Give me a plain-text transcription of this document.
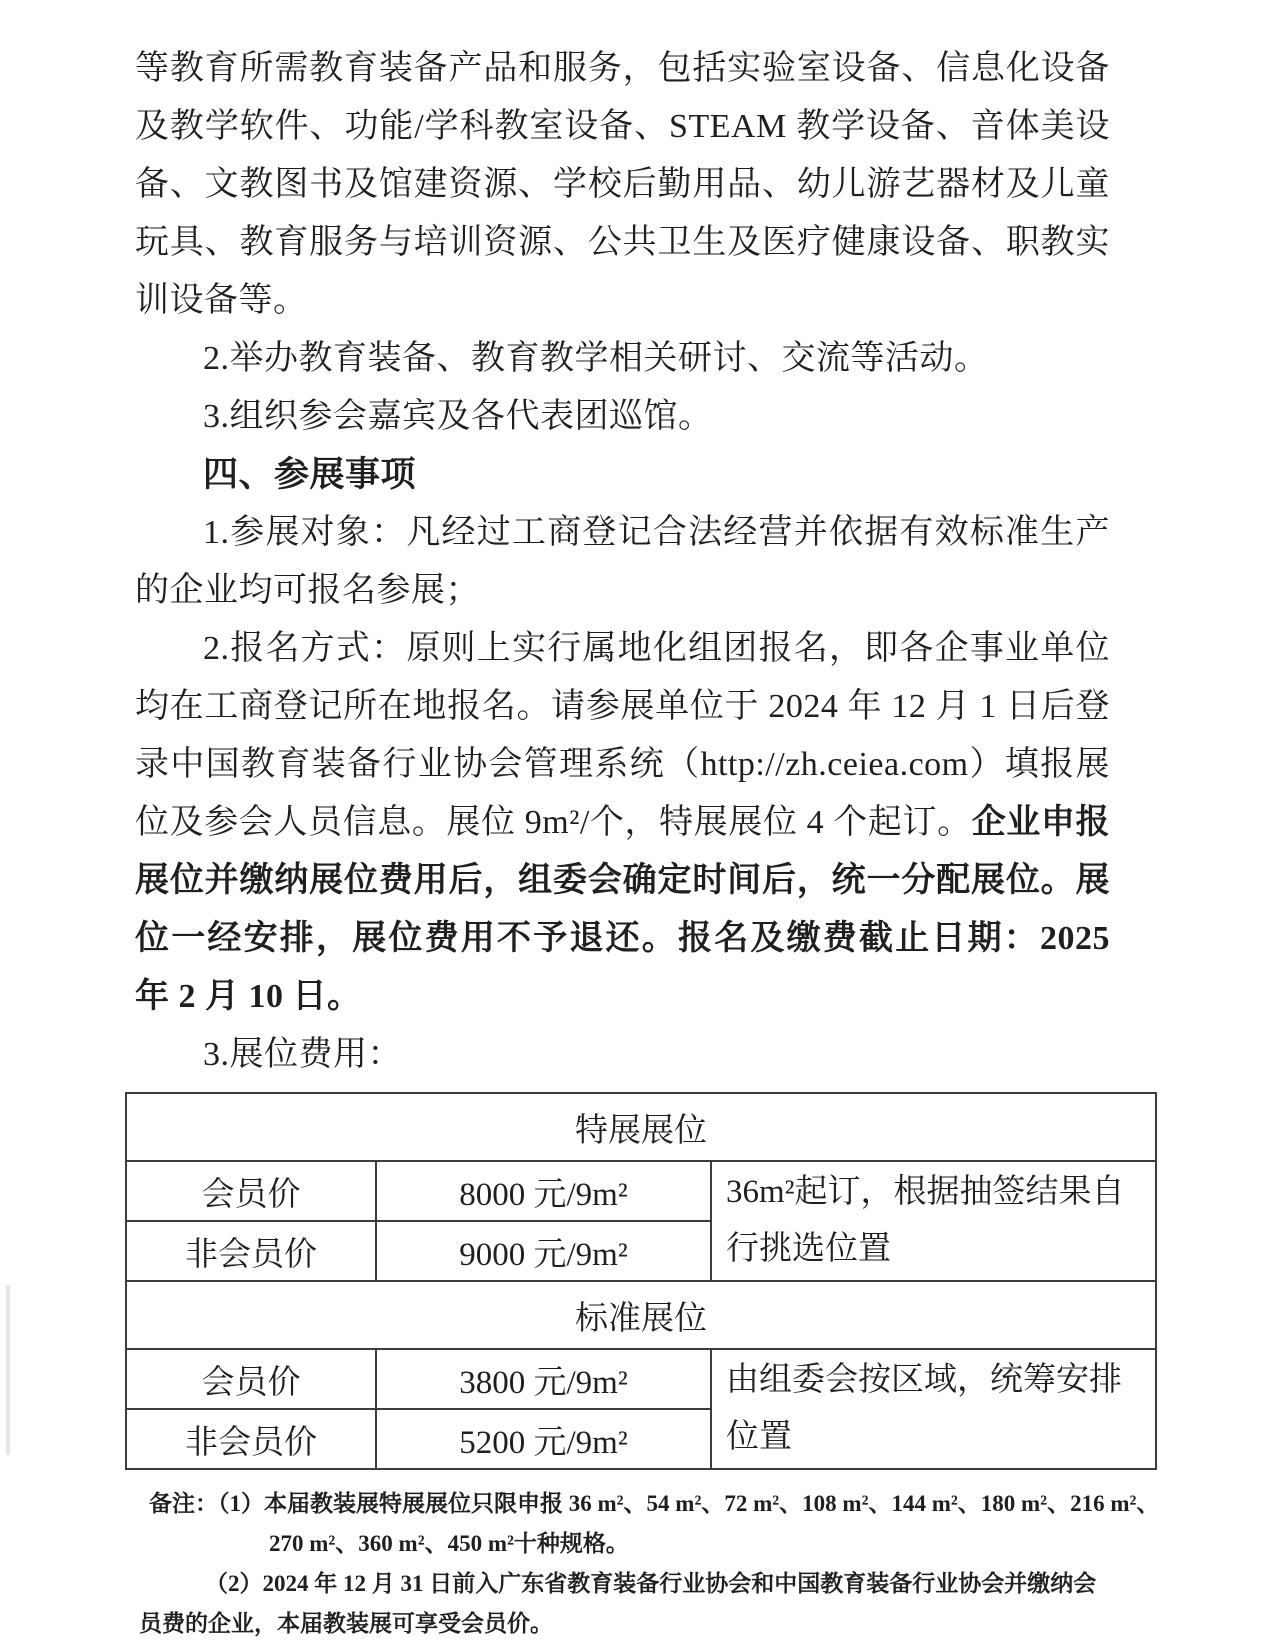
等教育所需教育装备产品和服务，包括实验室设备、信息化设备及教学软件、功能/学科教室设备、STEAM 教学设备、音体美设备、文教图书及馆建资源、学校后勤用品、幼儿游艺器材及儿童玩具、教育服务与培训资源、公共卫生及医疗健康设备、职教实训设备等。

2.举办教育装备、教育教学相关研讨、交流等活动。

3.组织参会嘉宾及各代表团巡馆。

四、参展事项

1.参展对象：凡经过工商登记合法经营并依据有效标准生产的企业均可报名参展；

2.报名方式：原则上实行属地化组团报名，即各企事业单位均在工商登记所在地报名。请参展单位于 2024 年 12 月 1 日后登录中国教育装备行业协会管理系统（http://zh.ceiea.com）填报展位及参会人员信息。展位 9m²/个，特展展位 4 个起订。企业申报展位并缴纳展位费用后，组委会确定时间后，统一分配展位。展位一经安排，展位费用不予退还。报名及缴费截止日期：2025 年 2 月 10 日。

3.展位费用：

特展展位		
会员价	8000 元/9m²	36m²起订，根据抽签结果自行挑选位置
非会员价	9000 元/9m²	
标准展位		
会员价	3800 元/9m²	由组委会按区域，统筹安排位置
非会员价	5200 元/9m²	
备注：（1）本届教装展特展展位只限申报 36 m²、54 m²、72 m²、108 m²、144 m²、180 m²、216 m²、
270 m²、360 m²、450 m²十种规格。
（2）2024 年 12 月 31 日前入广东省教育装备行业协会和中国教育装备行业协会并缴纳会
员费的企业，本届教装展可享受会员价。
